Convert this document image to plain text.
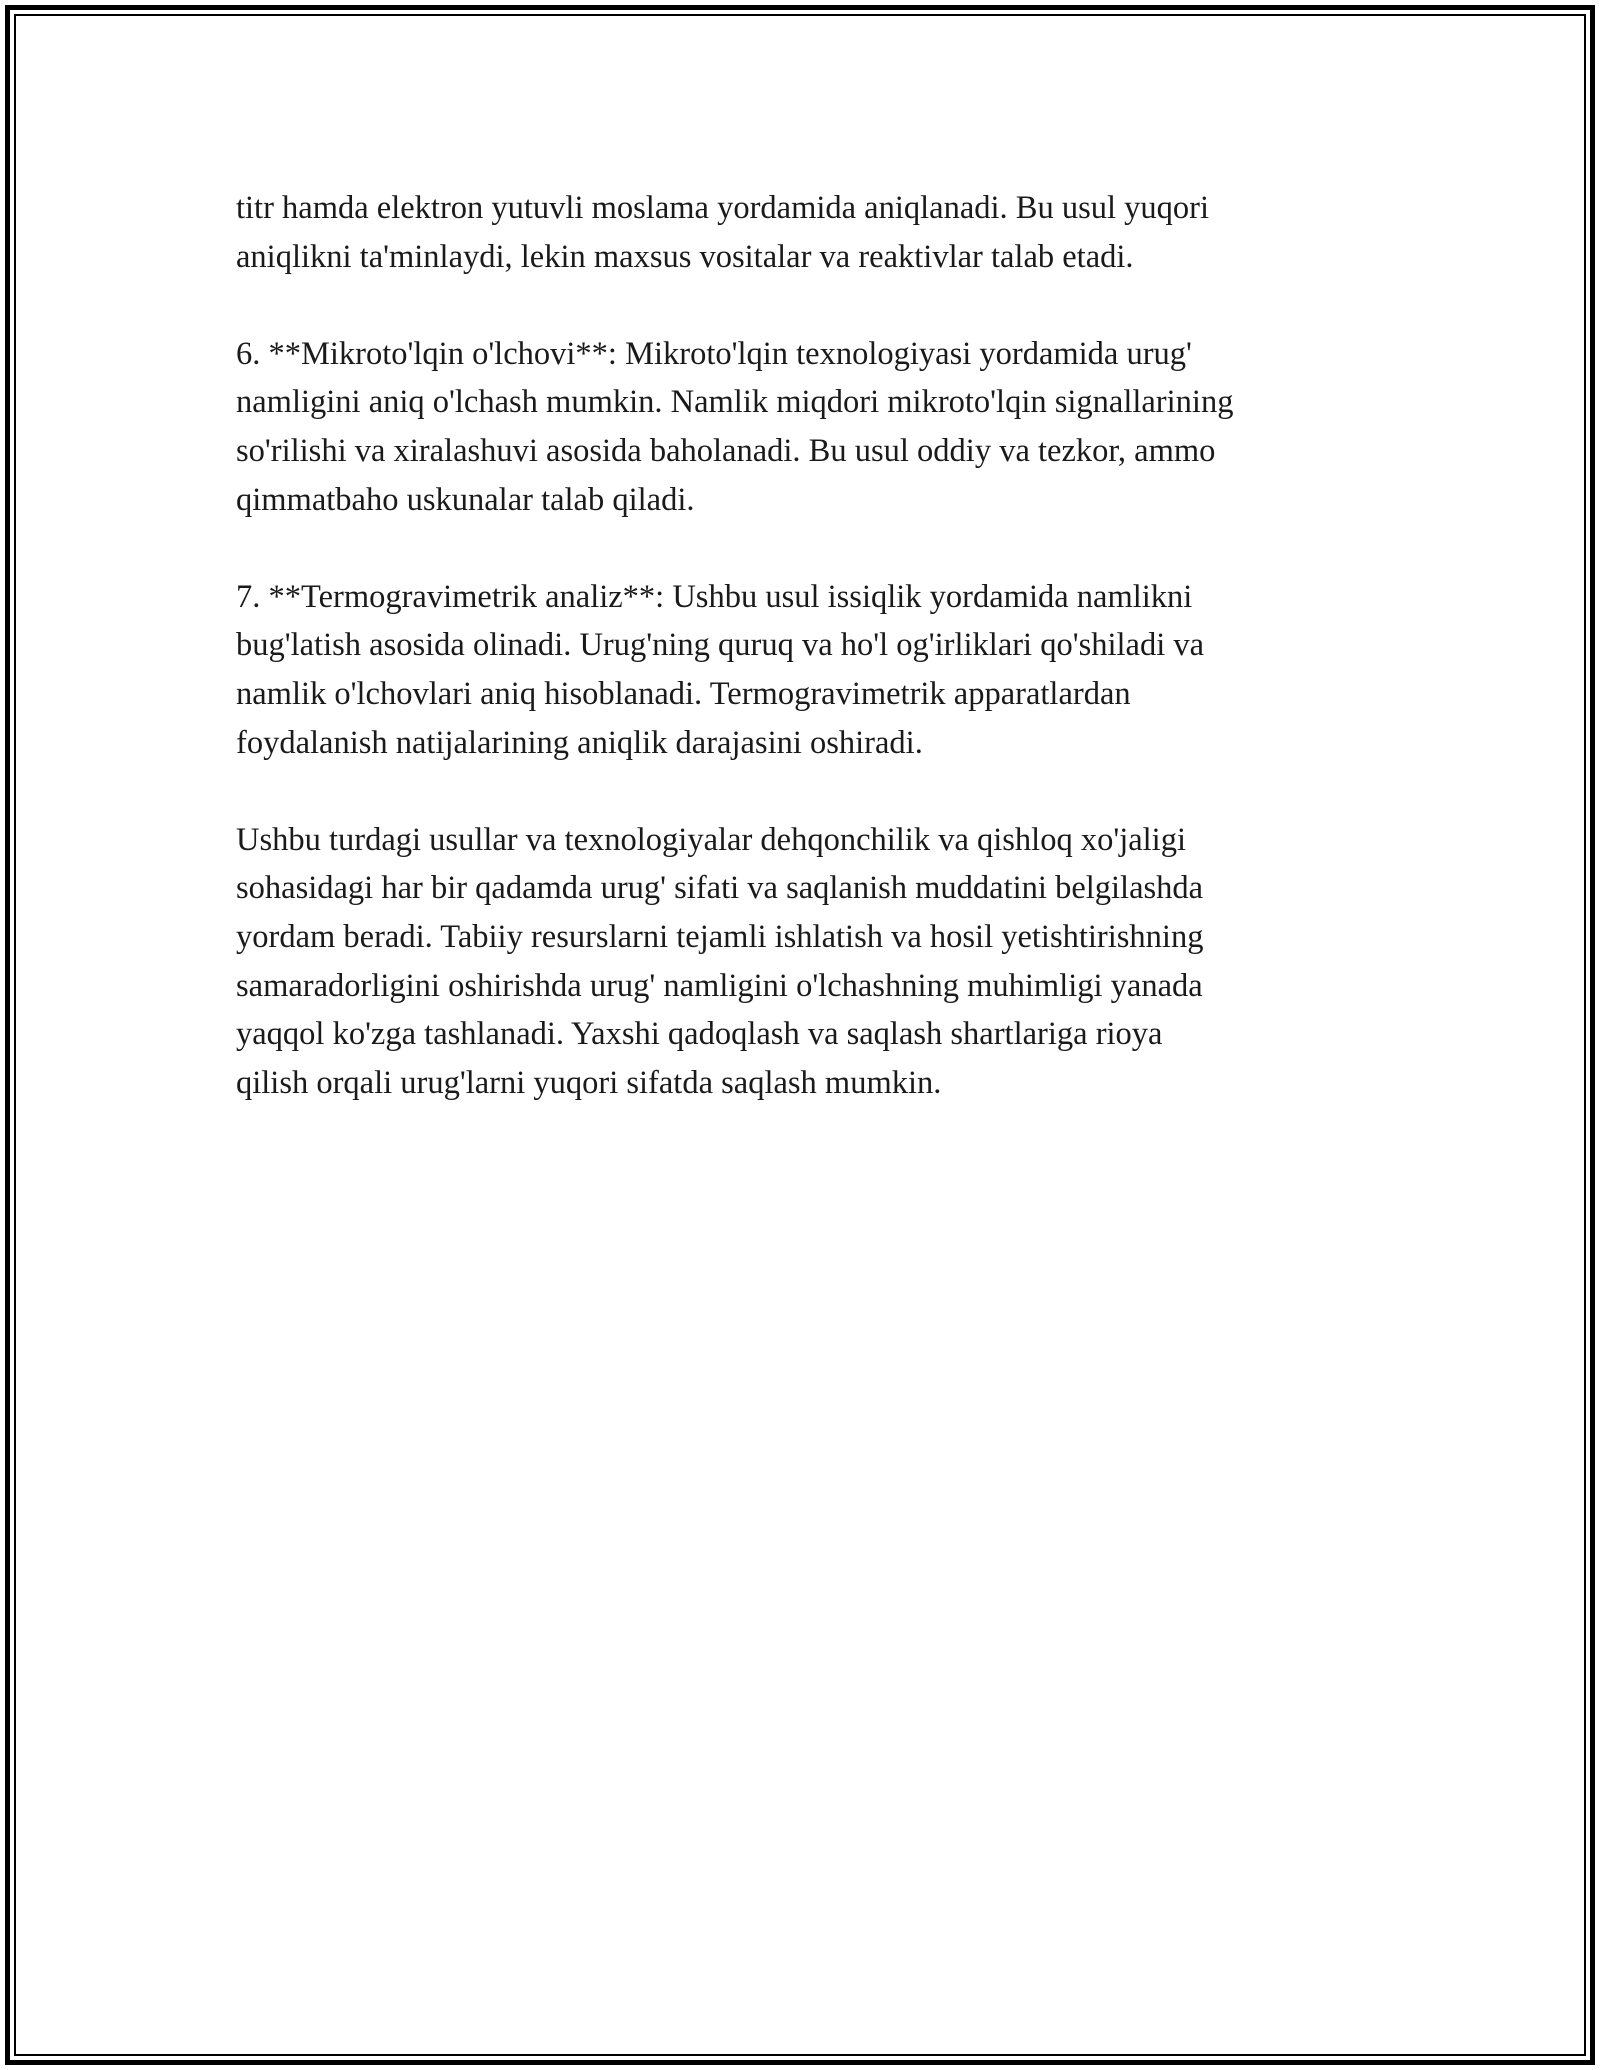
titr hamda elektron yutuvli moslama yordamida aniqlanadi. Bu usul yuqori
aniqlikni ta'minlaydi, lekin maxsus vositalar va reaktivlar talab etadi.

6. **Mikroto'lqin o'lchovi**: Mikroto'lqin texnologiyasi yordamida urug'
namligini aniq o'lchash mumkin. Namlik miqdori mikroto'lqin signallarining
so'rilishi va xiralashuvi asosida baholanadi. Bu usul oddiy va tezkor, ammo
qimmatbaho uskunalar talab qiladi.

7. **Termogravimetrik analiz**: Ushbu usul issiqlik yordamida namlikni
bug'latish asosida olinadi. Urug'ning quruq va ho'l og'irliklari qo'shiladi va
namlik o'lchovlari aniq hisoblanadi. Termogravimetrik apparatlardan
foydalanish natijalarining aniqlik darajasini oshiradi.

Ushbu turdagi usullar va texnologiyalar dehqonchilik va qishloq xo'jaligi
sohasidagi har bir qadamda urug' sifati va saqlanish muddatini belgilashda
yordam beradi. Tabiiy resurslarni tejamli ishlatish va hosil yetishtirishning
samaradorligini oshirishda urug' namligini o'lchashning muhimligi yanada
yaqqol ko'zga tashlanadi. Yaxshi qadoqlash va saqlash shartlariga rioya
qilish orqali urug'larni yuqori sifatda saqlash mumkin.
